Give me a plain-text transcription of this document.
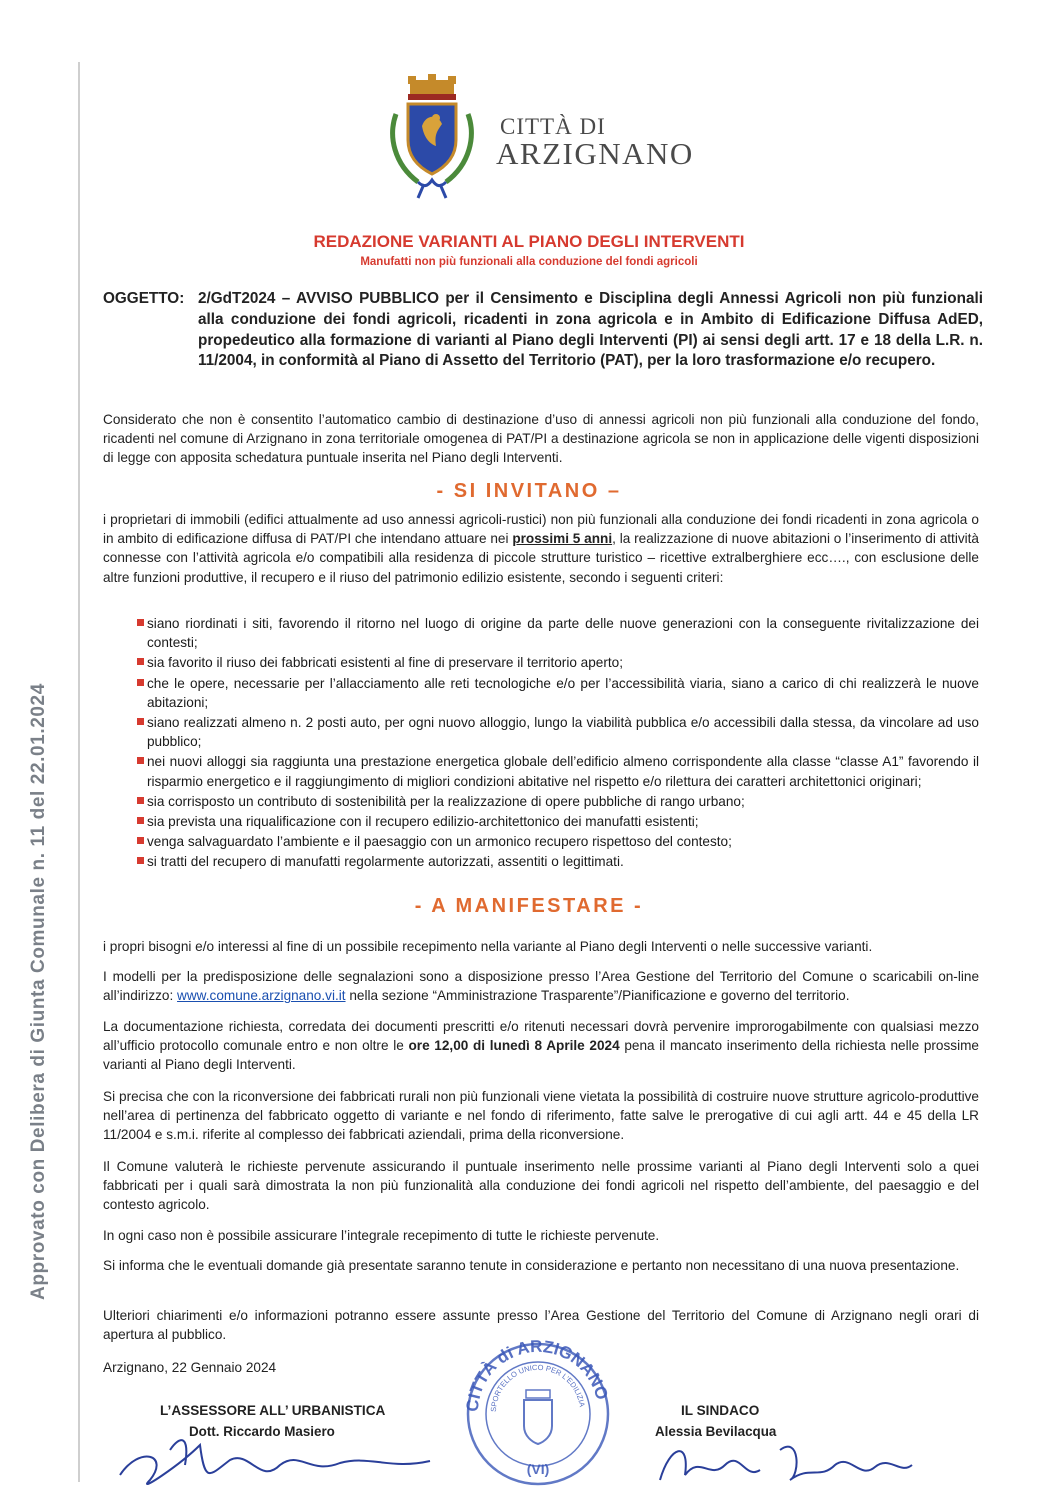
Approvato con Delibera di Giunta Comunale n. 11 del 22.01.2024
CITTÀ DI
ARZIGNANO
REDAZIONE VARIANTI AL PIANO DEGLI INTERVENTI
Manufatti non più funzionali alla conduzione del fondi agricoli
OGGETTO: 2/GdT2024 – AVVISO PUBBLICO per il Censimento e Disciplina degli Annessi Agricoli non più funzionali alla conduzione dei fondi agricoli, ricadenti in zona agricola e in Ambito di Edificazione Diffusa AdED, propedeutico alla formazione di varianti al Piano degli Interventi (PI) ai sensi degli artt. 17 e 18 della L.R. n. 11/2004, in conformità al Piano di Assetto del Territorio (PAT), per la loro trasformazione e/o recupero.
Considerato che non è consentito l’automatico cambio di destinazione d’uso di annessi agricoli non più funzionali alla conduzione del fondo, ricadenti nel comune di Arzignano in zona territoriale omogenea di PAT/PI a destinazione agricola se non in applicazione delle vigenti disposizioni di legge con apposita schedatura puntuale inserita nel Piano degli Interventi.
- SI INVITANO –
i proprietari di immobili (edifici attualmente ad uso annessi agricoli-rustici) non più funzionali alla conduzione dei fondi ricadenti in zona agricola o in ambito di edificazione diffusa di PAT/PI che intendano attuare nei prossimi 5 anni, la realizzazione di nuove abitazioni o l’inserimento di attività connesse con l’attività agricola e/o compatibili alla residenza di piccole strutture turistico – ricettive extralberghiere ecc…., con esclusione delle altre funzioni produttive, il recupero e il riuso del patrimonio edilizio esistente, secondo i seguenti criteri:
siano riordinati i siti, favorendo il ritorno nel luogo di origine da parte delle nuove generazioni con la conseguente rivitalizzazione dei contesti;
sia favorito il riuso dei fabbricati esistenti al fine di preservare il territorio aperto;
che le opere, necessarie per l’allacciamento alle reti tecnologiche e/o per l’accessibilità viaria, siano a carico di chi realizzerà le nuove abitazioni;
siano realizzati almeno n. 2 posti auto, per ogni nuovo alloggio, lungo la viabilità pubblica e/o accessibili dalla stessa, da vincolare ad uso pubblico;
nei nuovi alloggi sia raggiunta una prestazione energetica globale dell’edificio almeno corrispondente alla classe “classe A1” favorendo il risparmio energetico e il raggiungimento di migliori condizioni abitative nel rispetto e/o rilettura dei caratteri architettonici originari;
sia corrisposto un contributo di sostenibilità per la realizzazione di opere pubbliche di rango urbano;
sia prevista una riqualificazione con il recupero edilizio-architettonico dei manufatti esistenti;
venga salvaguardato l’ambiente e il paesaggio con un armonico recupero rispettoso del contesto;
si tratti del recupero di manufatti regolarmente autorizzati, assentiti o legittimati.
- A MANIFESTARE -
i propri bisogni e/o interessi al fine di un possibile recepimento nella variante al Piano degli Interventi o nelle successive varianti.
I modelli per la predisposizione delle segnalazioni sono a disposizione presso l’Area Gestione del Territorio del Comune o scaricabili on-line all’indirizzo: www.comune.arzignano.vi.it nella sezione “Amministrazione Trasparente”/Pianificazione e governo del territorio.
La documentazione richiesta, corredata dei documenti prescritti e/o ritenuti necessari dovrà pervenire improrogabilmente con qualsiasi mezzo all’ufficio protocollo comunale entro e non oltre le ore 12,00 di lunedì 8 Aprile 2024 pena il mancato inserimento della richiesta nelle prossime varianti al Piano degli Interventi.
Si precisa che con la riconversione dei fabbricati rurali non più funzionali viene vietata la possibilità di costruire nuove strutture agricolo-produttive nell’area di pertinenza del fabbricato oggetto di variante e nel fondo di riferimento, fatte salve le prerogative di cui agli artt. 44 e 45 della LR 11/2004 e s.m.i. riferite al complesso dei fabbricati aziendali, prima della riconversione.
Il Comune valuterà le richieste pervenute assicurando il puntuale inserimento nelle prossime varianti al Piano degli Interventi solo a quei fabbricati per i quali sarà dimostrata la non più funzionalità alla conduzione dei fondi agricoli nel rispetto dell’ambiente, del paesaggio e del contesto agricolo.
In ogni caso non è possibile assicurare l’integrale recepimento di tutte le richieste pervenute.
Si informa che le eventuali domande già presentate saranno tenute in considerazione e pertanto non necessitano di una nuova presentazione.
Ulteriori chiarimenti e/o informazioni potranno essere assunte presso l’Area Gestione del Territorio del Comune di Arzignano negli orari di apertura al pubblico.
Arzignano, 22 Gennaio 2024
CITTÀ di ARZIGNANO
SPORTELLO UNICO PER L'EDILIZIA
(VI)
L’ASSESSORE ALL’ URBANISTICA
Dott. Riccardo Masiero
IL SINDACO
Alessia Bevilacqua
